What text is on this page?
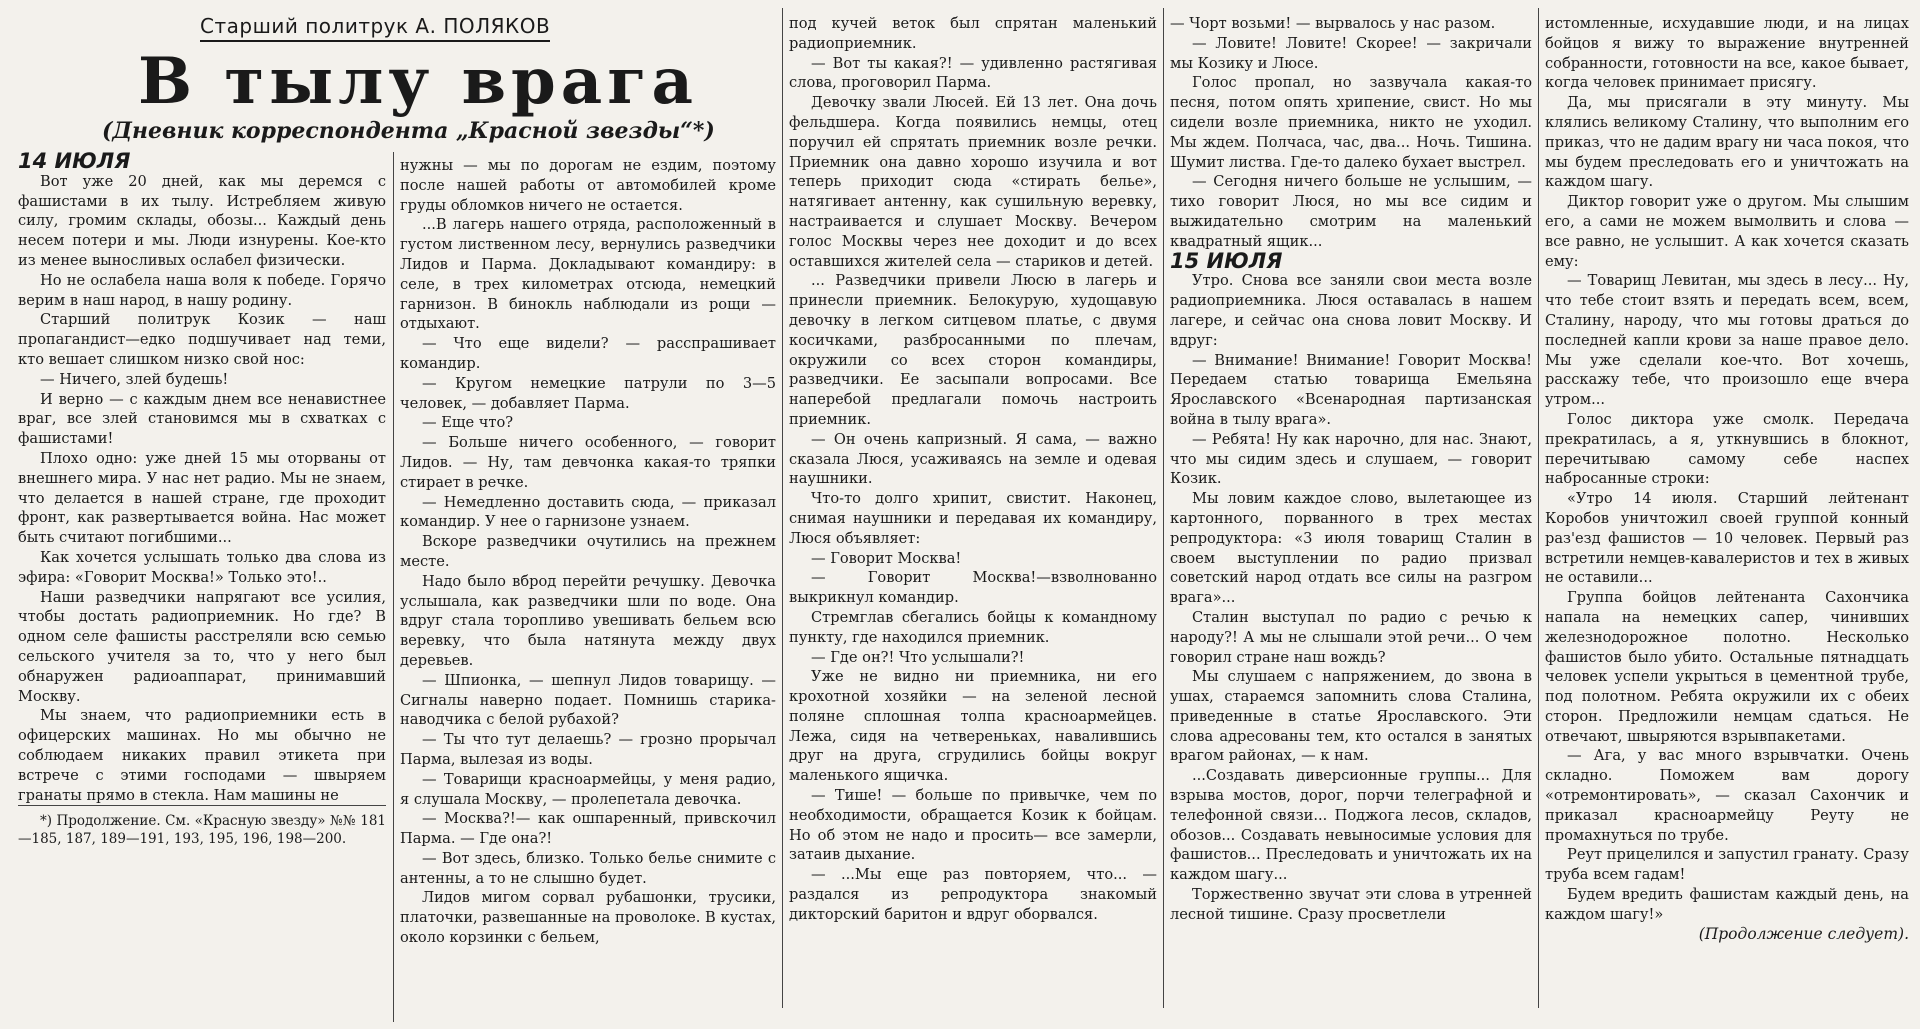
Старший политрук А. ПОЛЯКОВ
В тылу врага
(Дневник корреспондента „Красной звезды“*)

14 ИЮЛЯ

Вот уже 20 дней, как мы деремся с фашистами в их тылу. Истребляем живую силу, громим склады, обозы... Каждый день несем потери и мы. Люди изнурены. Кое-кто из менее выносливых ослабел физически.

Но не ослабела наша воля к победе. Горячо верим в наш народ, в нашу родину.

Старший политрук Козик — наш пропагандист—едко подшучивает над теми, кто вешает слишком низко свой нос:

— Ничего, злей будешь!

И верно — с каждым днем все ненавистнее враг, все злей становимся мы в схватках с фашистами!

Плохо одно: уже дней 15 мы оторваны от внешнего мира. У нас нет радио. Мы не знаем, что делается в нашей стране, где проходит фронт, как развертывается война. Нас может быть считают погибшими...

Как хочется услышать только два слова из эфира: «Говорит Москва!» Только это!..

Наши разведчики напрягают все усилия, чтобы достать радиоприемник. Но где? В одном селе фашисты расстреляли всю семью сельского учителя за то, что у него был обнаружен радиоаппарат, принимавший Москву.

Мы знаем, что радиоприемники есть в офицерских машинах. Но мы обычно не соблюдаем никаких правил этикета при встрече с этими господами — швыряем гранаты прямо в стекла. Нам машины не

*) Продолжение. См. «Красную звезду» №№ 181—185, 187, 189—191, 193, 195, 196, 198—200.

нужны — мы по дорогам не ездим, поэтому после нашей работы от автомобилей кроме груды обломков ничего не остается.

...В лагерь нашего отряда, расположенный в густом лиственном лесу, вернулись разведчики Лидов и Парма. Докладывают командиру: в селе, в трех километрах отсюда, немецкий гарнизон. В бинокль наблюдали из рощи — отдыхают.

— Что еще видели? — расспрашивает командир.

— Кругом немецкие патрули по 3—5 человек, — добавляет Парма.

— Еще что?

— Больше ничего особенного, — говорит Лидов. — Ну, там девчонка какая-то тряпки стирает в речке.

— Немедленно доставить сюда, — приказал командир. У нее о гарнизоне узнаем.

Вскоре разведчики очутились на прежнем месте.

Надо было вброд перейти речушку. Девочка услышала, как разведчики шли по воде. Она вдруг стала торопливо увешивать бельем всю веревку, что была натянута между двух деревьев.

— Шпионка, — шепнул Лидов товарищу. — Сигналы наверно подает. Помнишь старика-наводчика с белой рубахой?

— Ты что тут делаешь? — грозно прорычал Парма, вылезая из воды.

— Товарищи красноармейцы, у меня радио, я слушала Москву, — пролепетала девочка.

— Москва?!— как ошпаренный, привскочил Парма. — Где она?!

— Вот здесь, близко. Только белье снимите с антенны, а то не слышно будет.

Лидов мигом сорвал рубашонки, трусики, платочки, развешанные на проволоке. В кустах, около корзинки с бельем,

под кучей веток был спрятан маленький радиоприемник.

— Вот ты какая?! — удивленно растягивая слова, проговорил Парма.

Девочку звали Люсей. Ей 13 лет. Она дочь фельдшера. Когда появились немцы, отец поручил ей спрятать приемник возле речки. Приемник она давно хорошо изучила и вот теперь приходит сюда «стирать белье», натягивает антенну, как сушильную веревку, настраивается и слушает Москву. Вечером голос Москвы через нее доходит и до всех оставшихся жителей села — стариков и детей.

... Разведчики привели Люсю в лагерь и принесли приемник. Белокурую, худощавую девочку в легком ситцевом платье, с двумя косичками, разбросанными по плечам, окружили со всех сторон командиры, разведчики. Ее засыпали вопросами. Все наперебой предлагали помочь настроить приемник.

— Он очень капризный. Я сама, — важно сказала Люся, усаживаясь на земле и одевая наушники.

Что-то долго хрипит, свистит. Наконец, снимая наушники и передавая их командиру, Люся объявляет:

— Говорит Москва!

— Говорит Москва!—взволнованно выкрикнул командир.

Стремглав сбегались бойцы к командному пункту, где находился приемник.

— Где он?! Что услышали?!

Уже не видно ни приемника, ни его крохотной хозяйки — на зеленой лесной поляне сплошная толпа красноармейцев. Лежа, сидя на четвереньках, навалившись друг на друга, сгрудились бойцы вокруг маленького ящичка.

— Тише! — больше по привычке, чем по необходимости, обращается Козик к бойцам. Но об этом не надо и просить— все замерли, затаив дыхание.

— ...Мы еще раз повторяем, что... — раздался из репродуктора знакомый дикторский баритон и вдруг оборвался.

— Чорт возьми! — вырвалось у нас разом.

— Ловите! Ловите! Скорее! — закричали мы Козику и Люсе.

Голос пропал, но зазвучала какая-то песня, потом опять хрипение, свист. Но мы сидели возле приемника, никто не уходил. Мы ждем. Полчаса, час, два... Ночь. Тишина. Шумит листва. Где-то далеко бухает выстрел.

— Сегодня ничего больше не услышим, — тихо говорит Люся, но мы все сидим и выжидательно смотрим на маленький квадратный ящик...

15 ИЮЛЯ

Утро. Снова все заняли свои места возле радиоприемника. Люся оставалась в нашем лагере, и сейчас она снова ловит Москву. И вдруг:

— Внимание! Внимание! Говорит Москва! Передаем статью товарища Емельяна Ярославского «Всенародная партизанская война в тылу врага».

— Ребята! Ну как нарочно, для нас. Знают, что мы сидим здесь и слушаем, — говорит Козик.

Мы ловим каждое слово, вылетающее из картонного, порванного в трех местах репродуктора: «3 июля товарищ Сталин в своем выступлении по радио призвал советский народ отдать все силы на разгром врага»...

Сталин выступал по радио с речью к народу?! А мы не слышали этой речи... О чем говорил стране наш вождь?

Мы слушаем с напряжением, до звона в ушах, стараемся запомнить слова Сталина, приведенные в статье Ярославского. Эти слова адресованы тем, кто остался в занятых врагом районах, — к нам.

...Создавать диверсионные группы... Для взрыва мостов, дорог, порчи телеграфной и телефонной связи... Поджога лесов, складов, обозов... Создавать невыносимые условия для фашистов... Преследовать и уничтожать их на каждом шагу...

Торжественно звучат эти слова в утренней лесной тишине. Сразу просветлели

истомленные, исхудавшие люди, и на лицах бойцов я вижу то выражение внутренней собранности, готовности на все, какое бывает, когда человек принимает присягу.

Да, мы присягали в эту минуту. Мы клялись великому Сталину, что выполним его приказ, что не дадим врагу ни часа покоя, что мы будем преследовать его и уничтожать на каждом шагу.

Диктор говорит уже о другом. Мы слышим его, а сами не можем вымолвить и слова — все равно, не услышит. А как хочется сказать ему:

— Товарищ Левитан, мы здесь в лесу... Ну, что тебе стоит взять и передать всем, всем, Сталину, народу, что мы готовы драться до последней капли крови за наше правое дело. Мы уже сделали кое-что. Вот хочешь, расскажу тебе, что произошло еще вчера утром...

Голос диктора уже смолк. Передача прекратилась, а я, уткнувшись в блокнот, перечитываю самому себе наспех набросанные строки:

«Утро 14 июля. Старший лейтенант Коробов уничтожил своей группой конный раз'езд фашистов — 10 человек. Первый раз встретили немцев-кавалеристов и тех в живых не оставили...

Группа бойцов лейтенанта Сахончика напала на немецких сапер, чинивших железнодорожное полотно. Несколько фашистов было убито. Остальные пятнадцать человек успели укрыться в цементной трубе, под полотном. Ребята окружили их с обеих сторон. Предложили немцам сдаться. Не отвечают, швыряются взрывпакетами.

— Ага, у вас много взрывчатки. Очень складно. Поможем вам дорогу «отремонтировать», — сказал Сахончик и приказал красноармейцу Реуту не промахнуться по трубе.

Реут прицелился и запустил гранату. Сразу труба всем гадам!

Будем вредить фашистам каждый день, на каждом шагу!»

(Продолжение следует).
